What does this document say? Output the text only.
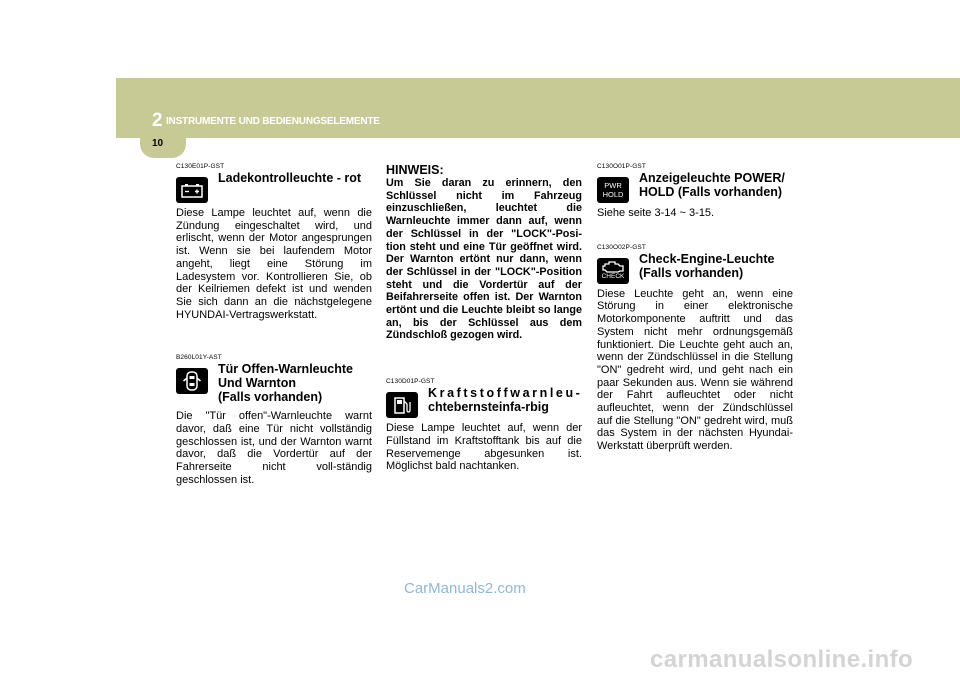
2 INSTRUMENTE UND BEDIENUNGSELEMENTE
10
C130E01P-GST
Ladekontrolleuchte - rot
Diese Lampe leuchtet auf, wenn die Zündung eingeschaltet wird, und erlischt, wenn der Motor angesprungen ist. Wenn sie bei laufendem Motor angeht, liegt eine Störung im Ladesystem vor. Kontrollieren Sie, ob der Keilriemen defekt ist und wenden Sie sich dann an die nächstgelegene HYUNDAI-Vertragswerkstatt.
B260L01Y-AST
Tür Offen-Warnleuchte
Und Warnton
(Falls vorhanden)
Die "Tür offen"-Warnleuchte warnt davor, daß eine Tür nicht vollständig geschlossen ist, und der Warnton warnt davor, daß die Vordertür auf der Fahrerseite nicht voll-ständig geschlossen ist.
HINWEIS:
Um Sie daran zu erinnern, den Schlüssel nicht im Fahrzeug einzuschließen, leuchtet die Warnleuchte immer dann auf, wenn der Schlüssel in der "LOCK"-Posi-tion steht und eine Tür geöffnet wird. Der Warnton ertönt nur dann, wenn der Schlüssel in der "LOCK"-Position steht und die Vordertür auf der Beifahrerseite offen ist. Der Warnton ertönt und die Leuchte bleibt so lange an, bis der Schlüssel aus dem Zündschloß gezogen wird.
C130D01P-GST
Kraftstoffwarnleu-
chtebernsteinfa-rbig
Diese Lampe leuchtet auf, wenn der Füllstand im Kraftstofftank bis auf die Reservemenge abgesunken ist. Möglichst bald nachtanken.
C130O01P-GST
PWR
HOLD
Anzeigeleuchte POWER/
HOLD (Falls vorhanden)
Siehe seite 3-14 ~ 3-15.
C130O02P-GST
CHECK
Check-Engine-Leuchte
(Falls vorhanden)
Diese Leuchte geht an, wenn eine Störung in einer elektronische Motorkomponente auftritt und das System nicht mehr ordnungsgemäß funktioniert. Die Leuchte geht auch an, wenn der Zündschlüssel in die Stellung "ON" gedreht wird, und geht nach ein paar Sekunden aus. Wenn sie während der Fahrt aufleuchtet oder nicht aufleuchtet, wenn der Zündschlüssel auf die Stellung "ON" gedreht wird, muß das System in der nächsten Hyundai-Werkstatt überprüft werden.
CarManuals2.com
carmanualsonline.info
